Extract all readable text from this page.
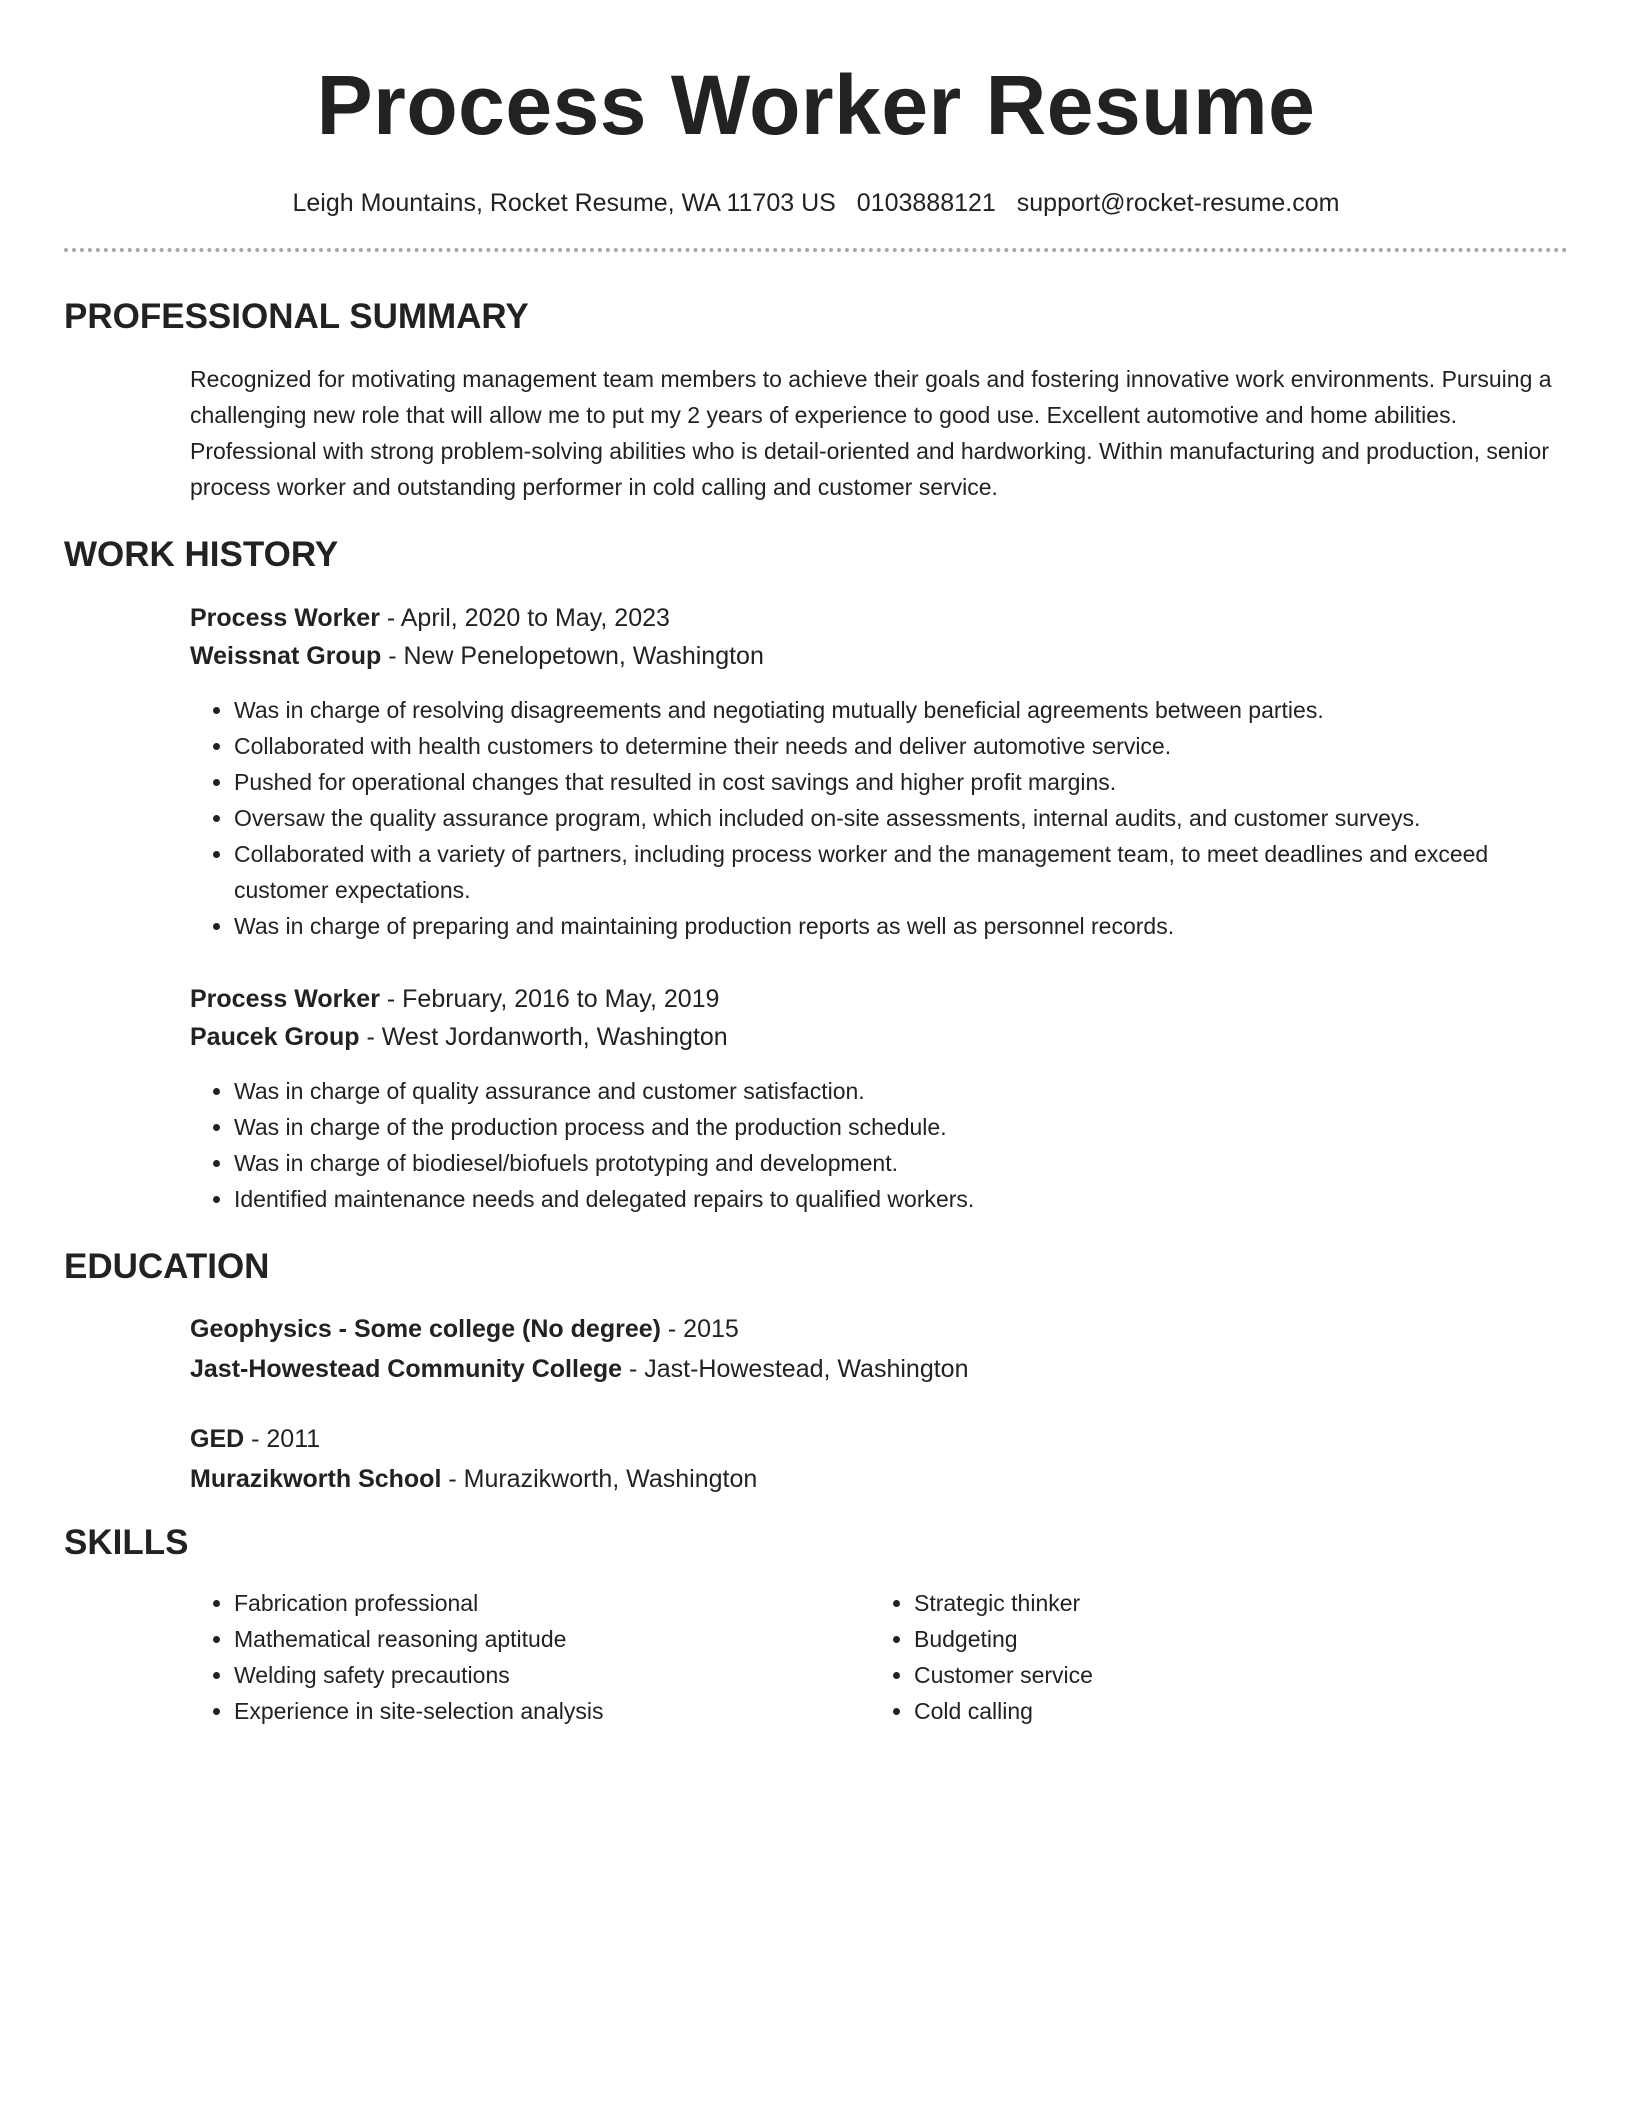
Process Worker Resume
Leigh Mountains, Rocket Resume, WA 11703 US 0103888121 support@rocket-resume.com
PROFESSIONAL SUMMARY

Recognized for motivating management team members to achieve their goals and fostering innovative work environments. Pursuing a challenging new role that will allow me to put my 2 years of experience to good use. Excellent automotive and home abilities. Professional with strong problem-solving abilities who is detail-oriented and hardworking. Within manufacturing and production, senior process worker and outstanding performer in cold calling and customer service.

WORK HISTORY
Process Worker - April, 2020 to May, 2023
Weissnat Group - New Penelopetown, Washington
• Was in charge of resolving disagreements and negotiating mutually beneficial agreements between parties.
• Collaborated with health customers to determine their needs and deliver automotive service.
• Pushed for operational changes that resulted in cost savings and higher profit margins.
• Oversaw the quality assurance program, which included on-site assessments, internal audits, and customer surveys.
• Collaborated with a variety of partners, including process worker and the management team, to meet deadlines and exceed customer expectations.
• Was in charge of preparing and maintaining production reports as well as personnel records.
Process Worker - February, 2016 to May, 2019
Paucek Group - West Jordanworth, Washington
• Was in charge of quality assurance and customer satisfaction.
• Was in charge of the production process and the production schedule.
• Was in charge of biodiesel/biofuels prototyping and development.
• Identified maintenance needs and delegated repairs to qualified workers.
EDUCATION
Geophysics - Some college (No degree) - 2015
Jast-Howestead Community College - Jast-Howestead, Washington
GED - 2011
Murazikworth School - Murazikworth, Washington
SKILLS
• Fabrication professional
• Mathematical reasoning aptitude
• Welding safety precautions
• Experience in site-selection analysis
• Strategic thinker
• Budgeting
• Customer service
• Cold calling
